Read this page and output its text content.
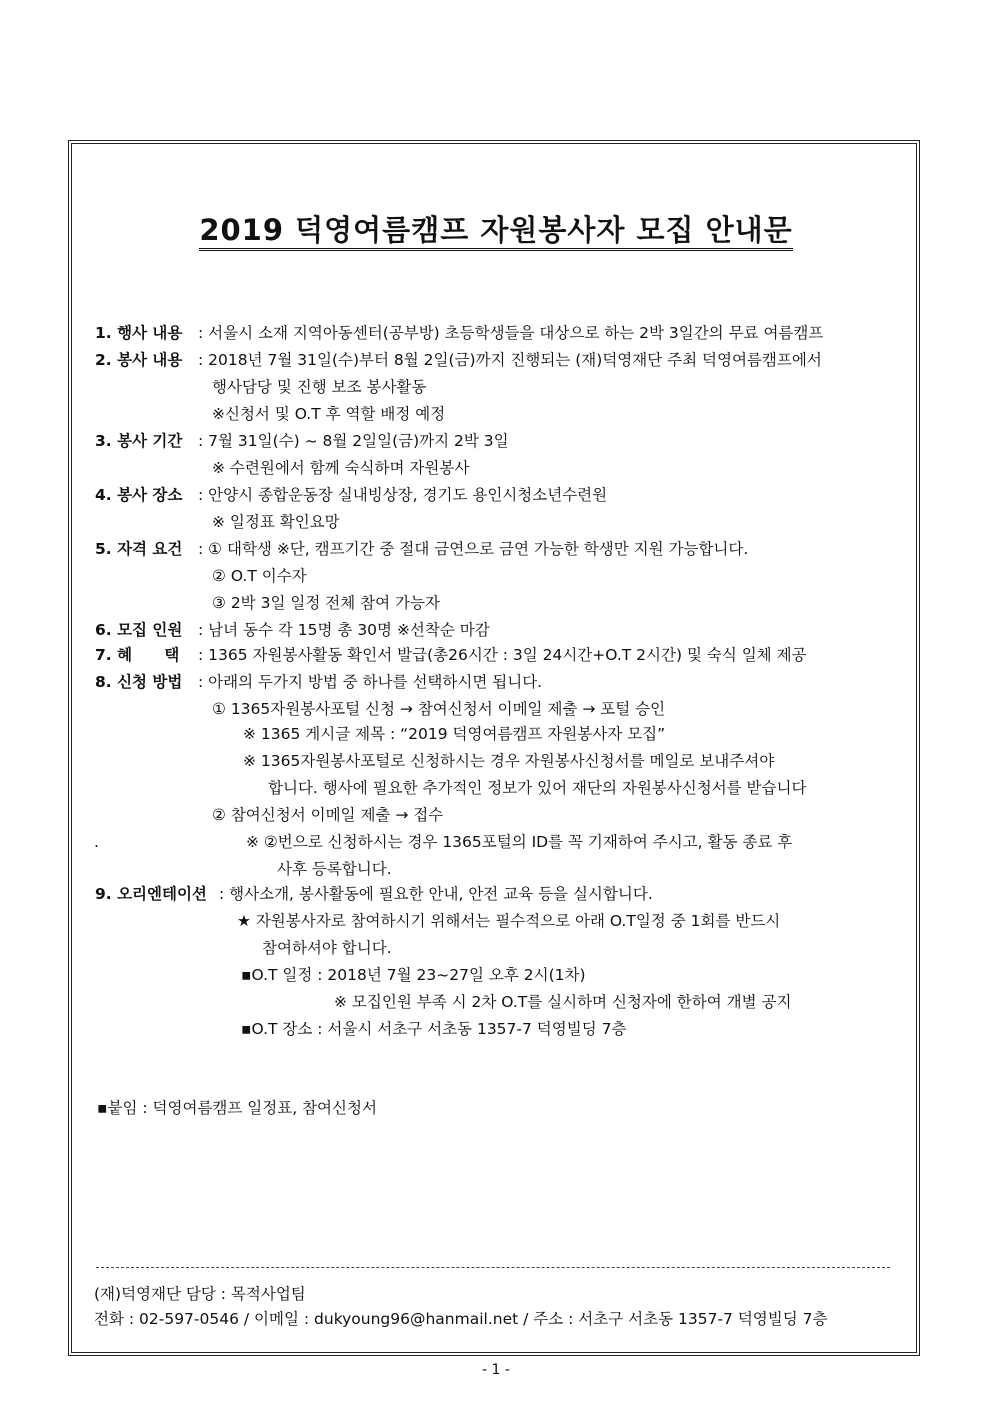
2019 덕영여름캠프 자원봉사자 모집 안내문
1. 행사 내용 : 서울시 소재 지역아동센터(공부방) 초등학생들을 대상으로 하는 2박 3일간의 무료 여름캠프
2. 봉사 내용 : 2018년 7월 31일(수)부터 8월 2일(금)까지 진행되는 (재)덕영재단 주최 덕영여름캠프에서
행사담당 및 진행 보조 봉사활동
※신청서 및 O.T 후 역할 배정 예정
3. 봉사 기간 : 7월 31일(수) ~ 8월 2일일(금)까지 2박 3일
※ 수련원에서 함께 숙식하며 자원봉사
4. 봉사 장소 : 안양시 종합운동장 실내빙상장, 경기도 용인시청소년수련원
※ 일정표 확인요망
5. 자격 요건 : ① 대학생 ※단, 캠프기간 중 절대 금연으로 금연 가능한 학생만 지원 가능합니다.
② O.T 이수자
③ 2박 3일 일정 전체 참여 가능자
6. 모집 인원 : 남녀 동수 각 15명 총 30명 ※선착순 마감
7. 혜      택 : 1365 자원봉사활동 확인서 발급(총26시간 : 3일 24시간+O.T 2시간) 및 숙식 일체 제공
8. 신청 방법 : 아래의 두가지 방법 중 하나를 선택하시면 됩니다.
① 1365자원봉사포털 신청 → 참여신청서 이메일 제출 → 포털 승인
※ 1365 게시글 제목 : “2019 덕영여름캠프 자원봉사자 모집”
※ 1365자원봉사포털로 신청하시는 경우 자원봉사신청서를 메일로 보내주셔야
합니다. 행사에 필요한 추가적인 정보가 있어 재단의 자원봉사신청서를 받습니다
② 참여신청서 이메일 제출 → 접수
.	※ ②번으로 신청하시는 경우 1365포털의 ID를 꼭 기재하여 주시고, 활동 종료 후
사후 등록합니다.
9. 오리엔테이션 : 행사소개, 봉사활동에 필요한 안내, 안전 교육 등을 실시합니다.
★ 자원봉사자로 참여하시기 위해서는 필수적으로 아래 O.T일정 중 1회를 반드시
참여하셔야 합니다.
▪O.T 일정 : 2018년 7월 23~27일 오후 2시(1차)
※ 모집인원 부족 시 2차 O.T를 실시하며 신청자에 한하여 개별 공지
▪O.T 장소 : 서울시 서초구 서초동 1357-7 덕영빌딩 7층
▪붙임 : 덕영여름캠프 일정표, 참여신청서
(재)덕영재단 담당 : 목적사업팀
전화 : 02-597-0546 / 이메일 : dukyoung96@hanmail.net / 주소 : 서초구 서초동 1357-7 덕영빌딩 7층
- 1 -
